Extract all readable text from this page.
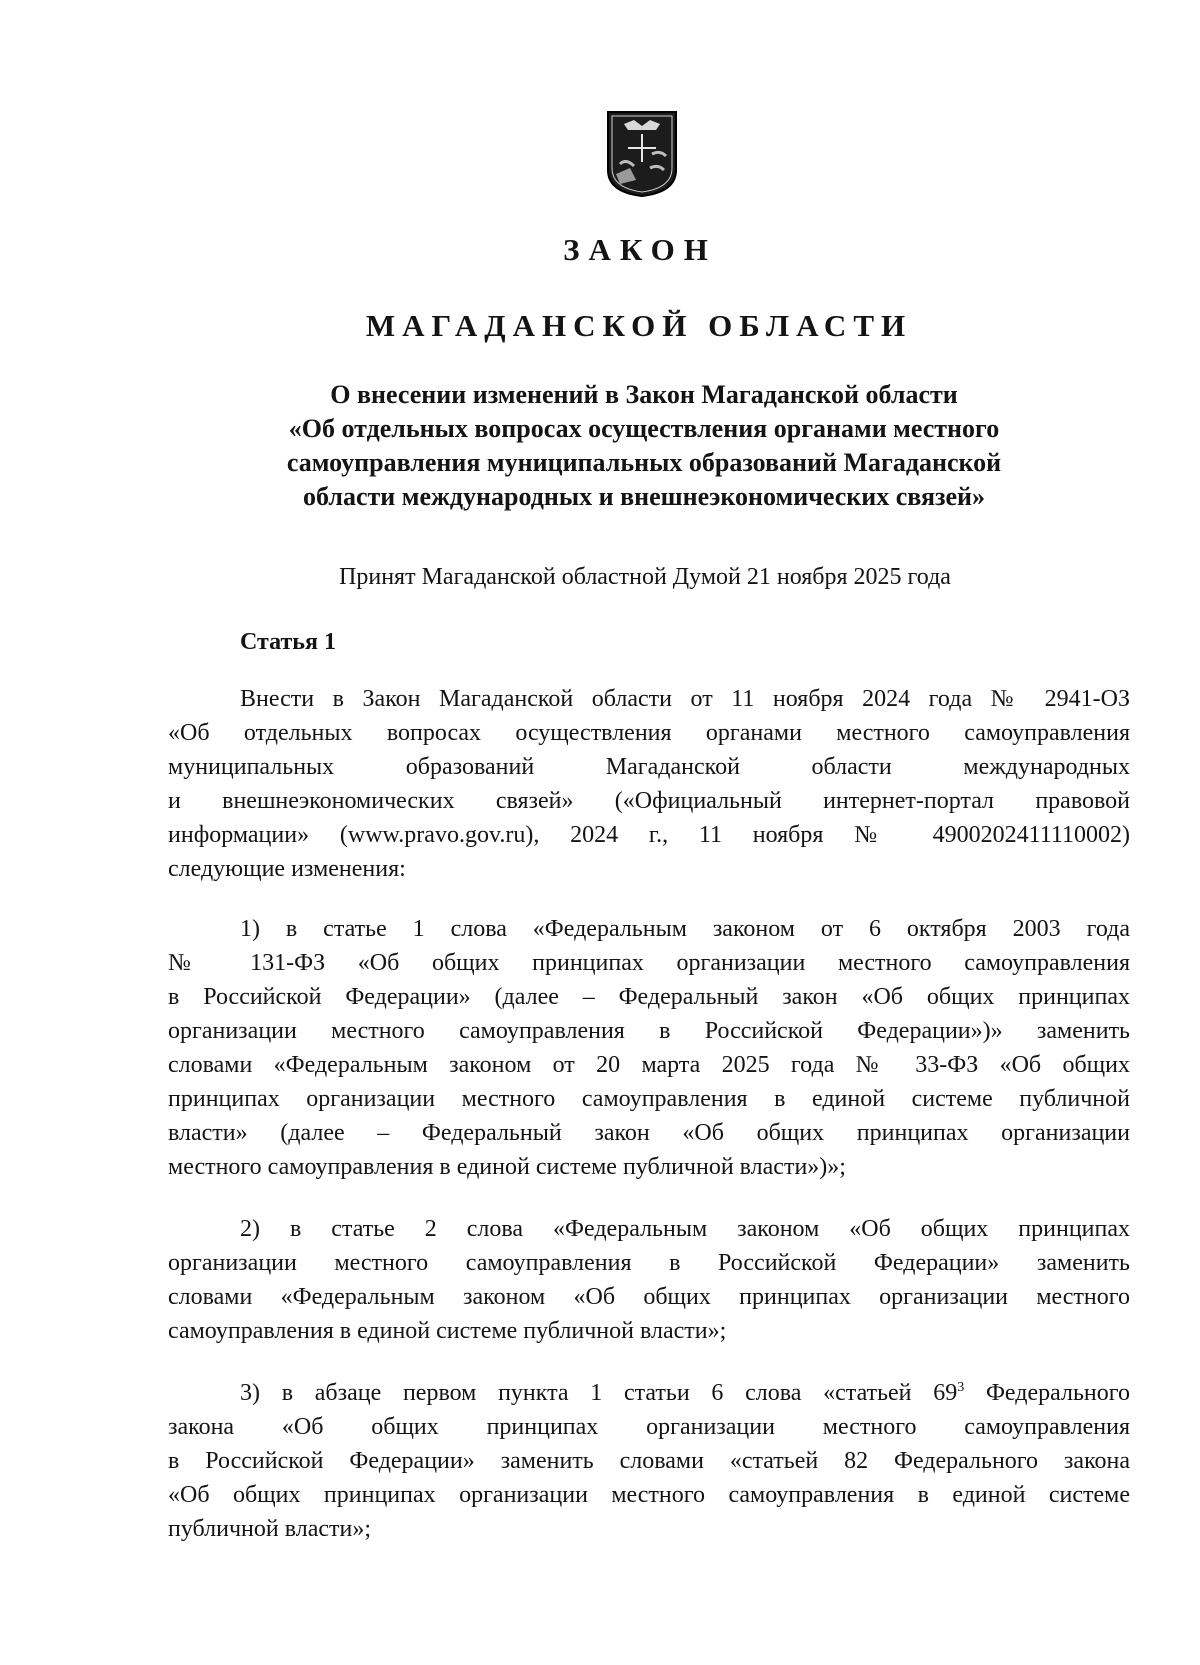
ЗАКОН
МАГАДАНСКОЙ ОБЛАСТИ
О внесении изменений в Закон Магаданской области
«Об отдельных вопросах осуществления органами местного
самоуправления муниципальных образований Магаданской
области международных и внешнеэкономических связей»

Принят Магаданской областной Думой 21 ноября 2025 года

Статья 1

Внести в Закон Магаданской области от 11 ноября 2024 года № 2941-ОЗ
«Об отдельных вопросах осуществления органами местного самоуправления
муниципальных образований Магаданской области международных
и внешнеэкономических связей» («Официальный интернет-портал правовой
информации» (www.pravo.gov.ru), 2024 г., 11 ноября № 4900202411110002)
следующие изменения:

1) в статье 1 слова «Федеральным законом от 6 октября 2003 года
№ 131-ФЗ «Об общих принципах организации местного самоуправления
в Российской Федерации» (далее – Федеральный закон «Об общих принципах
организации местного самоуправления в Российской Федерации»)» заменить
словами «Федеральным законом от 20 марта 2025 года № 33-ФЗ «Об общих
принципах организации местного самоуправления в единой системе публичной
власти» (далее – Федеральный закон «Об общих принципах организации
местного самоуправления в единой системе публичной власти»)»;

2) в статье 2 слова «Федеральным законом «Об общих принципах
организации местного самоуправления в Российской Федерации» заменить
словами «Федеральным законом «Об общих принципах организации местного
самоуправления в единой системе публичной власти»;

3) в абзаце первом пункта 1 статьи 6 слова «статьей $69^3$ Федерального
закона «Об общих принципах организации местного самоуправления
в Российской Федерации» заменить словами «статьей 82 Федерального закона
«Об общих принципах организации местного самоуправления в единой системе
публичной власти»;
